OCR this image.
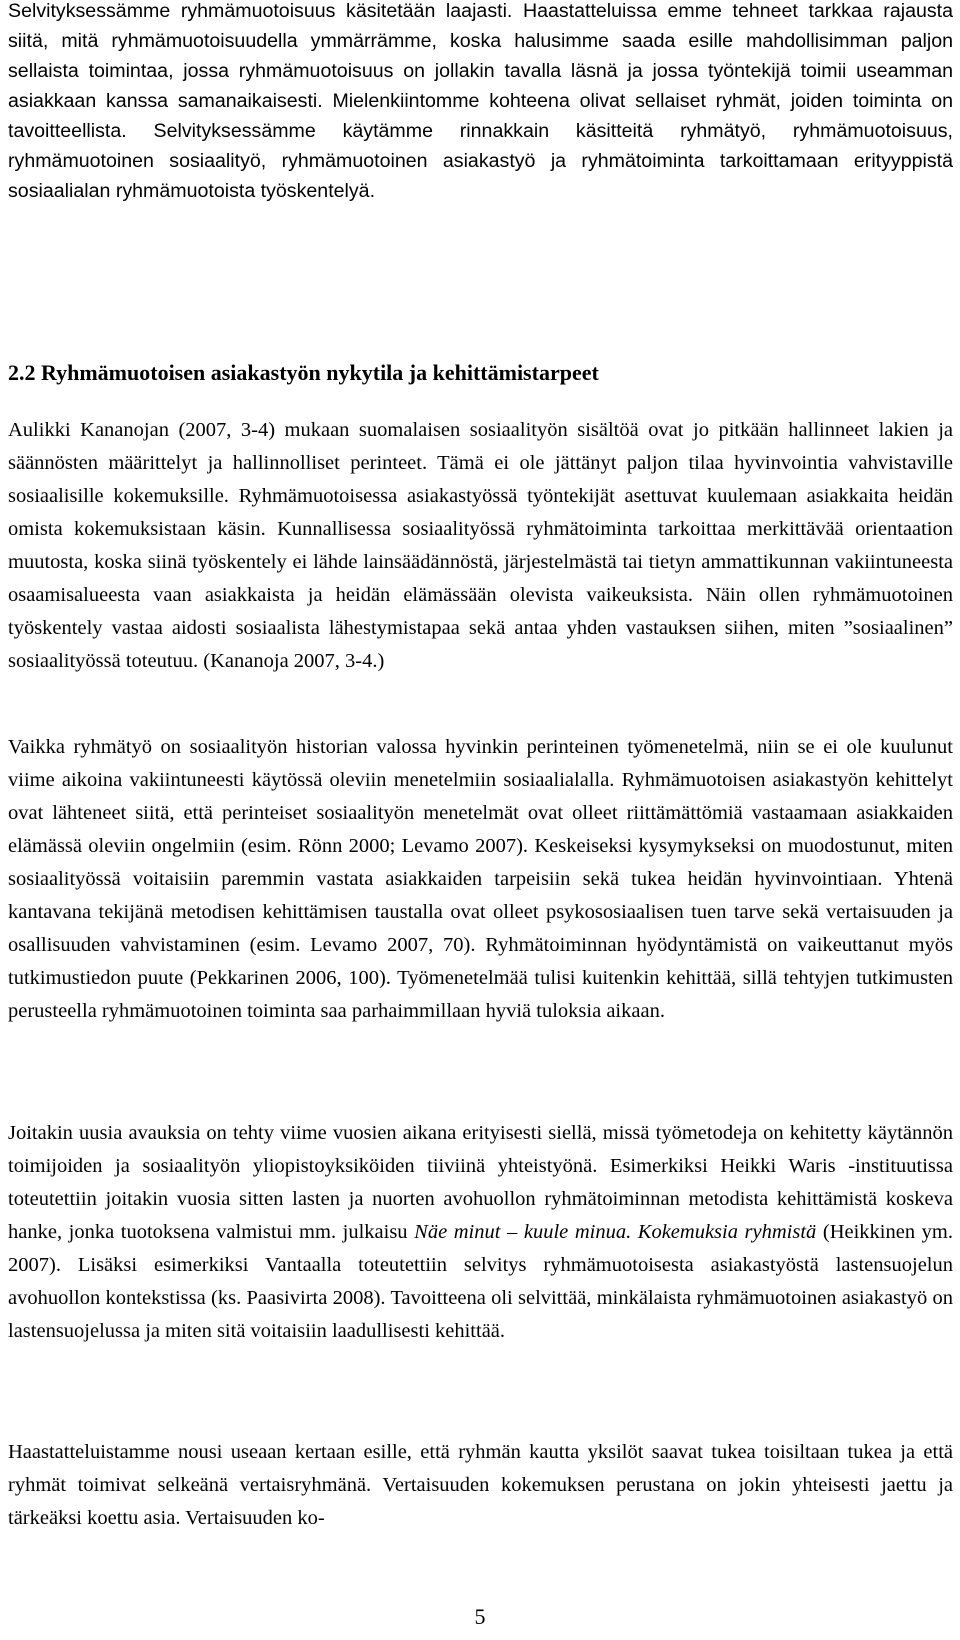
Selvityksessämme ryhmämuotoisuus käsitetään laajasti. Haastatteluissa emme tehneet tarkkaa rajausta siitä, mitä ryhmämuotoisuudella ymmärrämme, koska halusimme saada esille mahdollisimman paljon sellaista toimintaa, jossa ryhmämuotoisuus on jollakin tavalla läsnä ja jossa työntekijä toimii useamman asiakkaan kanssa samanaikaisesti. Mielenkiintomme kohteena olivat sellaiset ryhmät, joiden toiminta on tavoitteellista. Selvityksessämme käytämme rinnakkain käsitteitä ryhmätyö, ryhmämuotoisuus, ryhmämuotoinen sosiaalityö, ryhmämuotoinen asiakastyö ja ryhmätoiminta tarkoittamaan erityyppistä sosiaalialan ryhmämuotoista työskentelyä.

2.2 Ryhmämuotoisen asiakastyön nykytila ja kehittämistarpeet

Aulikki Kananojan (2007, 3-4) mukaan suomalaisen sosiaalityön sisältöä ovat jo pitkään hallinneet lakien ja säännösten määrittelyt ja hallinnolliset perinteet. Tämä ei ole jättänyt paljon tilaa hyvinvointia vahvistaville sosiaalisille kokemuksille. Ryhmämuotoisessa asiakastyössä työntekijät asettuvat kuulemaan asiakkaita heidän omista kokemuksistaan käsin. Kunnallisessa sosiaalityössä ryhmätoiminta tarkoittaa merkittävää orientaation muutosta, koska siinä työskentely ei lähde lainsäädännöstä, järjestelmästä tai tietyn ammattikunnan vakiintuneesta osaamisalueesta vaan asiakkaista ja heidän elämässään olevista vaikeuksista. Näin ollen ryhmämuotoinen työskentely vastaa aidosti sosiaalista lähestymistapaa sekä antaa yhden vastauksen siihen, miten ”sosiaalinen” sosiaalityössä toteutuu. (Kananoja 2007, 3-4.)

Vaikka ryhmätyö on sosiaalityön historian valossa hyvinkin perinteinen työmenetelmä, niin se ei ole kuulunut viime aikoina vakiintuneesti käytössä oleviin menetelmiin sosiaalialalla. Ryhmämuotoisen asiakastyön kehittelyt ovat lähteneet siitä, että perinteiset sosiaalityön menetelmät ovat olleet riittämättömiä vastaamaan asiakkaiden elämässä oleviin ongelmiin (esim. Rönn 2000; Levamo 2007). Keskeiseksi kysymykseksi on muodostunut, miten sosiaalityössä voitaisiin paremmin vastata asiakkaiden tarpeisiin sekä tukea heidän hyvinvointiaan. Yhtenä kantavana tekijänä metodisen kehittämisen taustalla ovat olleet psykososiaalisen tuen tarve sekä vertaisuuden ja osallisuuden vahvistaminen (esim. Levamo 2007, 70). Ryhmätoiminnan hyödyntämistä on vaikeuttanut myös tutkimustiedon puute (Pekkarinen 2006, 100). Työmenetelmää tulisi kuitenkin kehittää, sillä tehtyjen tutkimusten perusteella ryhmämuotoinen toiminta saa parhaimmillaan hyviä tuloksia aikaan.

Joitakin uusia avauksia on tehty viime vuosien aikana erityisesti siellä, missä työmetodeja on kehitetty käytännön toimijoiden ja sosiaalityön yliopistoyksiköiden tiiviinä yhteistyönä. Esimerkiksi Heikki Waris -instituutissa toteutettiin joitakin vuosia sitten lasten ja nuorten avohuollon ryhmätoiminnan metodista kehittämistä koskeva hanke, jonka tuotoksena valmistui mm. julkaisu Näe minut – kuule minua. Kokemuksia ryhmistä (Heikkinen ym. 2007). Lisäksi esimerkiksi Vantaalla toteutettiin selvitys ryhmämuotoisesta asiakastyöstä lastensuojelun avohuollon kontekstissa (ks. Paasivirta 2008). Tavoitteena oli selvittää, minkälaista ryhmämuotoinen asiakastyö on lastensuojelussa ja miten sitä voitaisiin laadullisesti kehittää.

Haastatteluistamme nousi useaan kertaan esille, että ryhmän kautta yksilöt saavat tukea toisiltaan tukea ja että ryhmät toimivat selkeänä vertaisryhmänä. Vertaisuuden kokemuksen perustana on jokin yhteisesti jaettu ja tärkeäksi koettu asia. Vertaisuuden ko-

5
